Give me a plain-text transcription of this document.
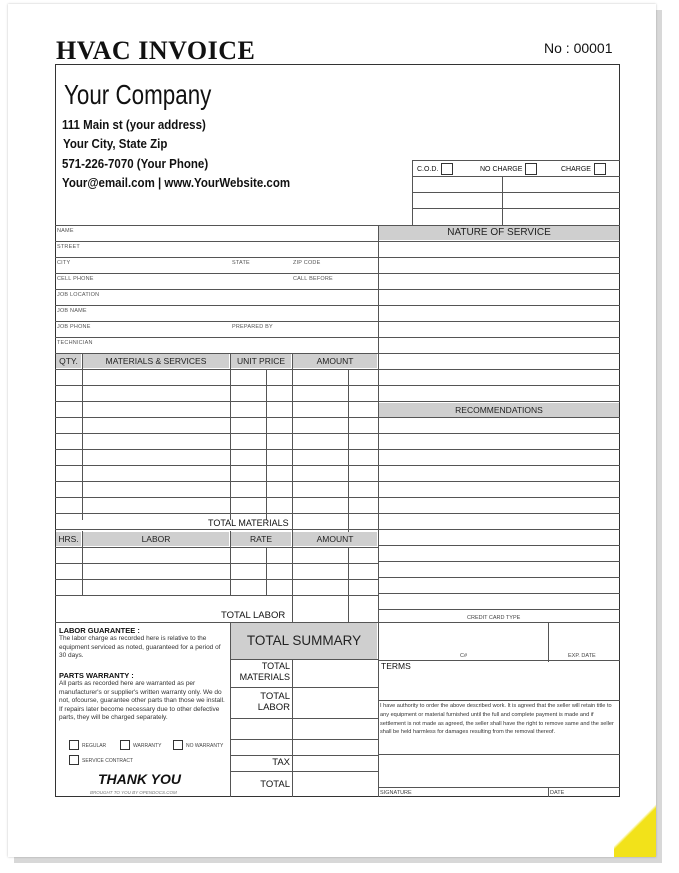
HVAC INVOICE	No : 00001
Your Company
111 Main st (your address)
Your City, State Zip
571-226-7070 (Your Phone)
Your@email.com | www.YourWebsite.com
C.O.D.	NO CHARGE	CHARGE
NAME
STREET
CITY	STATE	ZIP CODE
CELL PHONE	CALL BEFORE
JOB LOCATION
JOB NAME
JOB PHONE	PREPARED BY
TECHNICIAN
QTY.	MATERIALS & SERVICES	UNIT PRICE	AMOUNT
TOTAL MATERIALS
HRS.	LABOR	RATE	AMOUNT
TOTAL LABOR
NATURE OF SERVICE
RECOMMENDATIONS
CREDIT CARD TYPE
C#	EXP. DATE
TERMS
I have authority to order the above described work. It is agreed that the seller will retain title to any equipment or material furnished until the full and complete payment is made and if settlement is not made as agreed, the seller shall have the right to remove same and the seller shall be held harmless for damages resulting from the removal thereof.
SIGNATURE	DATE
LABOR GUARANTEE :
The labor charge as recorded here is relative to the equipment serviced as noted, guaranteed for a period of 30 days.
PARTS WARRANTY :
All parts as recorded here are warranted as per manufacturer's or supplier's written warranty only. We do not, ofcourse, guarantee other parts than those we install. If repairs later become necessary due to other defective parts, they will be charged separately.
REGULAR	WARRANTY	NO WARRANTY
SERVICE CONTRACT
THANK YOU
BROUGHT TO YOU BY OPENDOCS.COM
TOTAL SUMMARY
TOTAL MATERIALS
TOTAL LABOR
TAX
TOTAL
